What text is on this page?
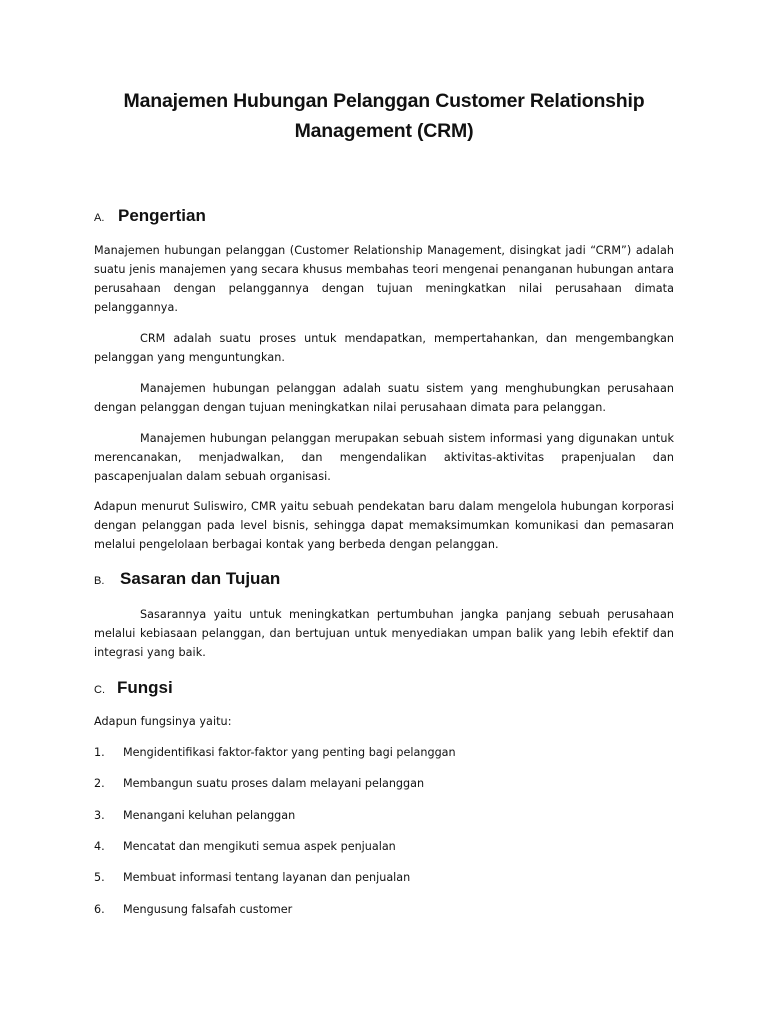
Manajemen Hubungan Pelanggan Customer Relationship Management (CRM)
A. Pengertian

Manajemen hubungan pelanggan (Customer Relationship Management, disingkat jadi “CRM”) adalah suatu jenis manajemen yang secara khusus membahas teori mengenai penanganan hubungan antara perusahaan dengan pelanggannya dengan tujuan meningkatkan nilai perusahaan dimata pelanggannya.

CRM adalah suatu proses untuk mendapatkan, mempertahankan, dan mengembangkan pelanggan yang menguntungkan.

Manajemen hubungan pelanggan adalah suatu sistem yang menghubungkan perusahaan dengan pelanggan dengan tujuan meningkatkan nilai perusahaan dimata para pelanggan.

Manajemen hubungan pelanggan merupakan sebuah sistem informasi yang digunakan untuk merencanakan, menjadwalkan, dan mengendalikan aktivitas-aktivitas prapenjualan dan pascapenjualan dalam sebuah organisasi.

Adapun menurut Suliswiro, CMR yaitu sebuah pendekatan baru dalam mengelola hubungan korporasi dengan pelanggan pada level bisnis, sehingga dapat memaksimumkan komunikasi dan pemasaran melalui pengelolaan berbagai kontak yang berbeda dengan pelanggan.

B. Sasaran dan Tujuan

Sasarannya yaitu untuk meningkatkan pertumbuhan jangka panjang sebuah perusahaan melalui kebiasaan pelanggan, dan bertujuan untuk menyediakan umpan balik yang lebih efektif dan integrasi yang baik.

C. Fungsi

Adapun fungsinya yaitu:

1.	Mengidentifikasi faktor-faktor yang penting bagi pelanggan
2.	Membangun suatu proses dalam melayani pelanggan
3.	Menangani keluhan pelanggan
4.	Mencatat dan mengikuti semua aspek penjualan
5.	Membuat informasi tentang layanan dan penjualan
6.	Mengusung falsafah customer
